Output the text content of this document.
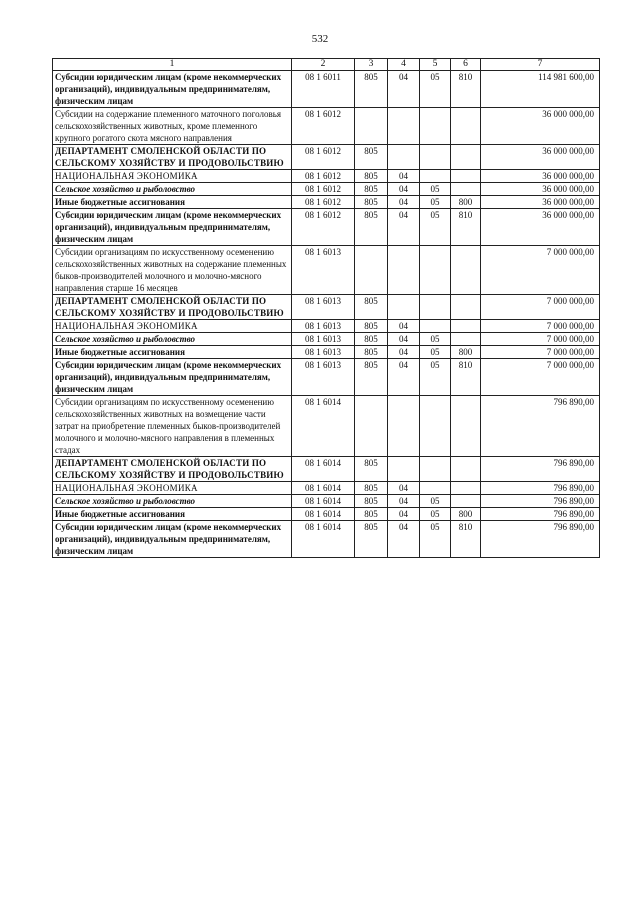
532
1	2	3	4	5	6	7
Субсидии юридическим лицам (кроме некоммерческих организаций), индивидуальным предпринимателям, физическим лицам	08 1 6011	805	04	05	810	114 981 600,00
Субсидии на содержание племенного маточного поголовья сельскохозяйственных животных, кроме племенного крупного рогатого скота мясного направления	08 1 6012					36 000 000,00
ДЕПАРТАМЕНТ СМОЛЕНСКОЙ ОБЛАСТИ ПО СЕЛЬСКОМУ ХОЗЯЙСТВУ И ПРОДОВОЛЬСТВИЮ	08 1 6012	805				36 000 000,00
НАЦИОНАЛЬНАЯ ЭКОНОМИКА	08 1 6012	805	04			36 000 000,00
Сельское хозяйство и рыболовство	08 1 6012	805	04	05		36 000 000,00
Иные бюджетные ассигнования	08 1 6012	805	04	05	800	36 000 000,00
Субсидии юридическим лицам (кроме некоммерческих организаций), индивидуальным предпринимателям, физическим лицам	08 1 6012	805	04	05	810	36 000 000,00
Субсидии организациям по искусственному осеменению сельскохозяйственных животных на содержание племенных быков-производителей молочного и молочно-мясного направления старше 16 месяцев	08 1 6013					7 000 000,00
ДЕПАРТАМЕНТ СМОЛЕНСКОЙ ОБЛАСТИ ПО СЕЛЬСКОМУ ХОЗЯЙСТВУ И ПРОДОВОЛЬСТВИЮ	08 1 6013	805				7 000 000,00
НАЦИОНАЛЬНАЯ ЭКОНОМИКА	08 1 6013	805	04			7 000 000,00
Сельское хозяйство и рыболовство	08 1 6013	805	04	05		7 000 000,00
Иные бюджетные ассигнования	08 1 6013	805	04	05	800	7 000 000,00
Субсидии юридическим лицам (кроме некоммерческих организаций), индивидуальным предпринимателям, физическим лицам	08 1 6013	805	04	05	810	7 000 000,00
Субсидии организациям по искусственному осеменению сельскохозяйственных животных на возмещение части затрат на приобретение племенных быков-производителей молочного и молочно-мясного направления в племенных стадах	08 1 6014					796 890,00
ДЕПАРТАМЕНТ СМОЛЕНСКОЙ ОБЛАСТИ ПО СЕЛЬСКОМУ ХОЗЯЙСТВУ И ПРОДОВОЛЬСТВИЮ	08 1 6014	805				796 890,00
НАЦИОНАЛЬНАЯ ЭКОНОМИКА	08 1 6014	805	04			796 890,00
Сельское хозяйство и рыболовство	08 1 6014	805	04	05		796 890,00
Иные бюджетные ассигнования	08 1 6014	805	04	05	800	796 890,00
Субсидии юридическим лицам (кроме некоммерческих организаций), индивидуальным предпринимателям, физическим лицам	08 1 6014	805	04	05	810	796 890,00
